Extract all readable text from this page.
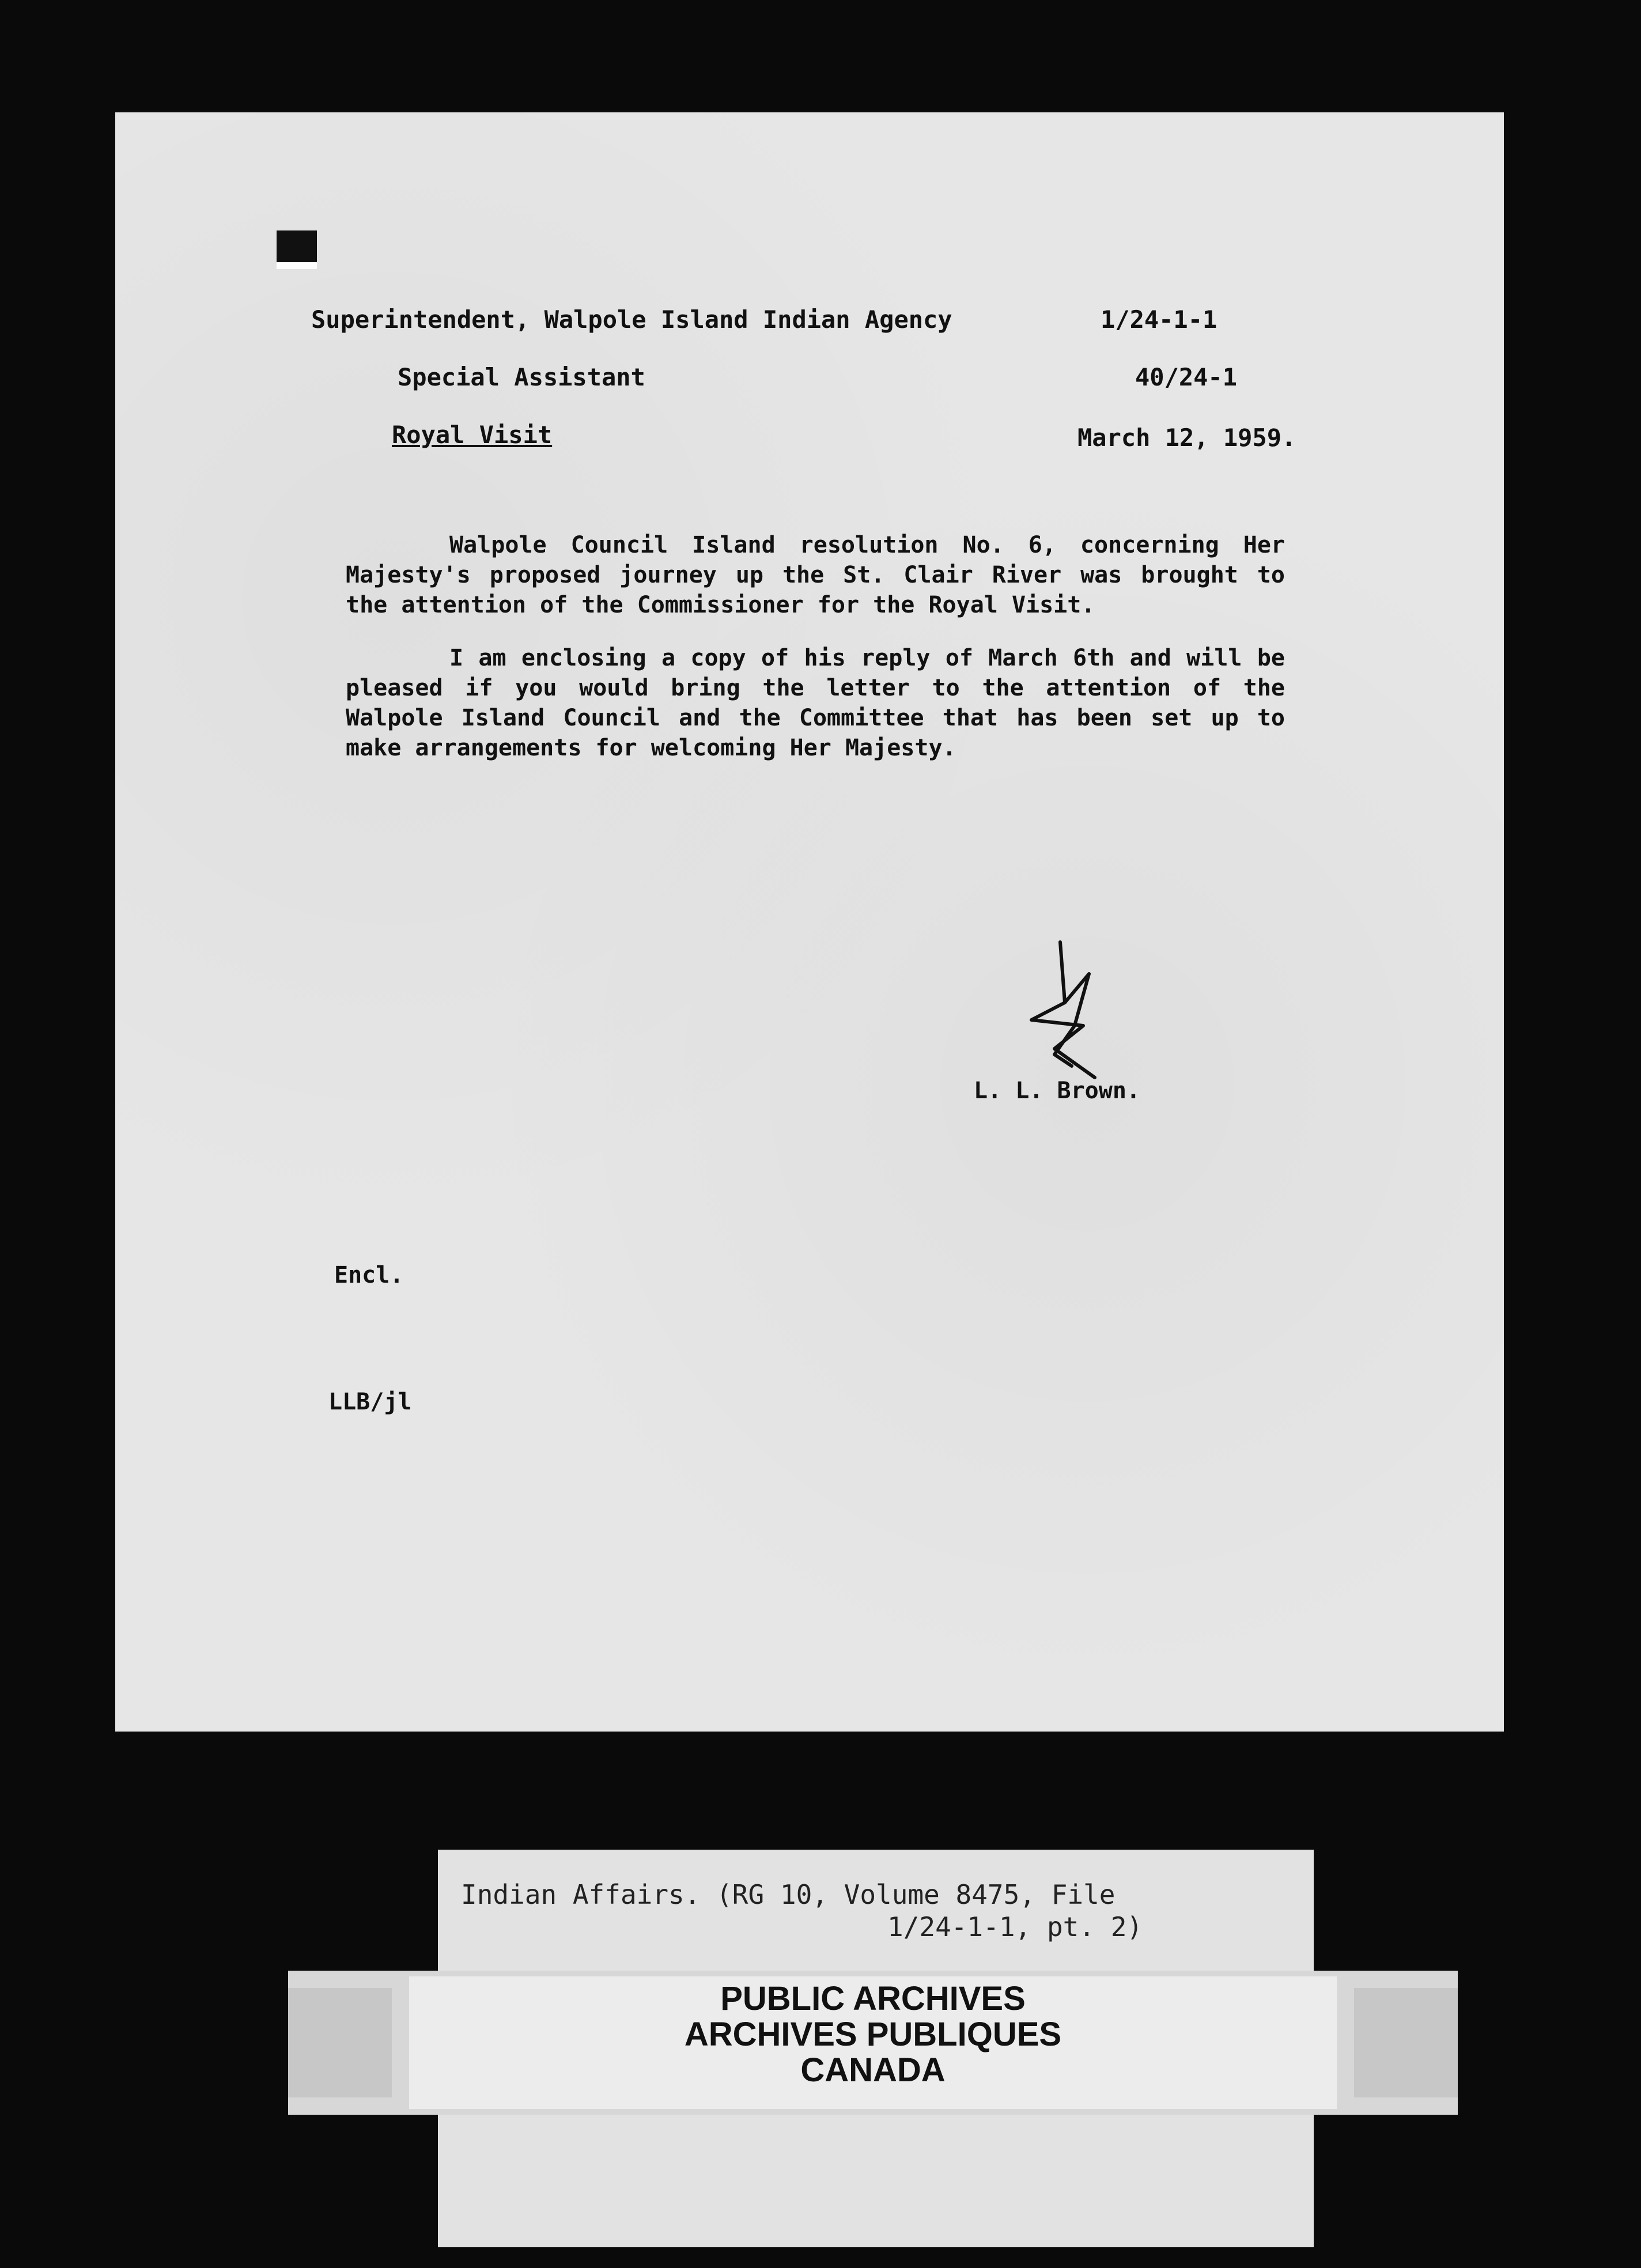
Superintendent, Walpole Island Indian Agency	1/24-1-1
Special Assistant	40/24-1
Royal Visit	March 12, 1959.

Walpole Council Island resolution No. 6, concerning Her Majesty's proposed journey up the St. Clair River was brought to the attention of the Commissioner for the Royal Visit.

I am enclosing a copy of his reply of March 6th and will be pleased if you would bring the letter to the attention of the Walpole Island Council and the Committee that has been set up to make arrangements for welcoming Her Majesty.

L. L. Brown.
Encl.
LLB/jl
Indian Affairs. (RG 10, Volume 8475, File
1/24-1-1, pt. 2)
PUBLIC ARCHIVES
ARCHIVES PUBLIQUES
CANADA
